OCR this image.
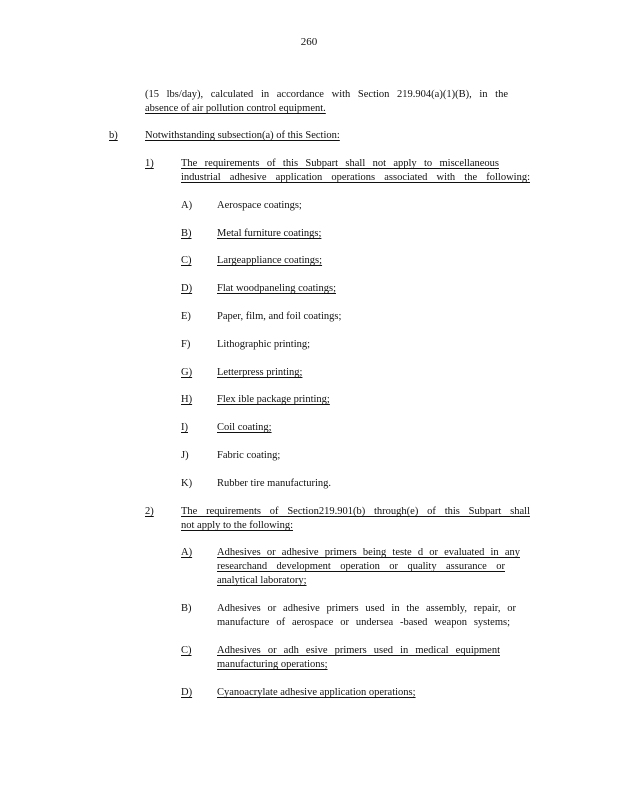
260
(15 lbs/day), calculated in accordance with Section 219.904(a)(1)(B), in the
absence of air pollution control equipment.
b)	Notwithstanding subsection(a) of this Section:
1)	The requirements of this Subpart shall not apply to miscellaneous
industrial adhesive application operations associated with the following:
A) Aerospace coatings;
B) Metal furniture coatings;
C) Largeappliance coatings;
D) Flat woodpaneling coatings;
E) Paper, film, and foil coatings;
F)	Lithographic printing;
G) Letterpress printing;
H) Flex ible package printing;
I)	Coil coating;
J)	Fabric coating;
K) Rubber tire manufacturing.
2)	The requirements of Section219.901(b) through(e) of this Subpart shall
not apply to the following:
A) Adhesives or adhesive primers being teste d or evaluated in any
researchand development operation or quality assurance or
analytical laboratory;
B) Adhesives or adhesive primers used in the assembly, repair, or
manufacture of aerospace or undersea -based weapon systems;
C) Adhesives or adh esive primers used in medical equipment
manufacturing operations;
D) Cyanoacrylate adhesive application operations;
